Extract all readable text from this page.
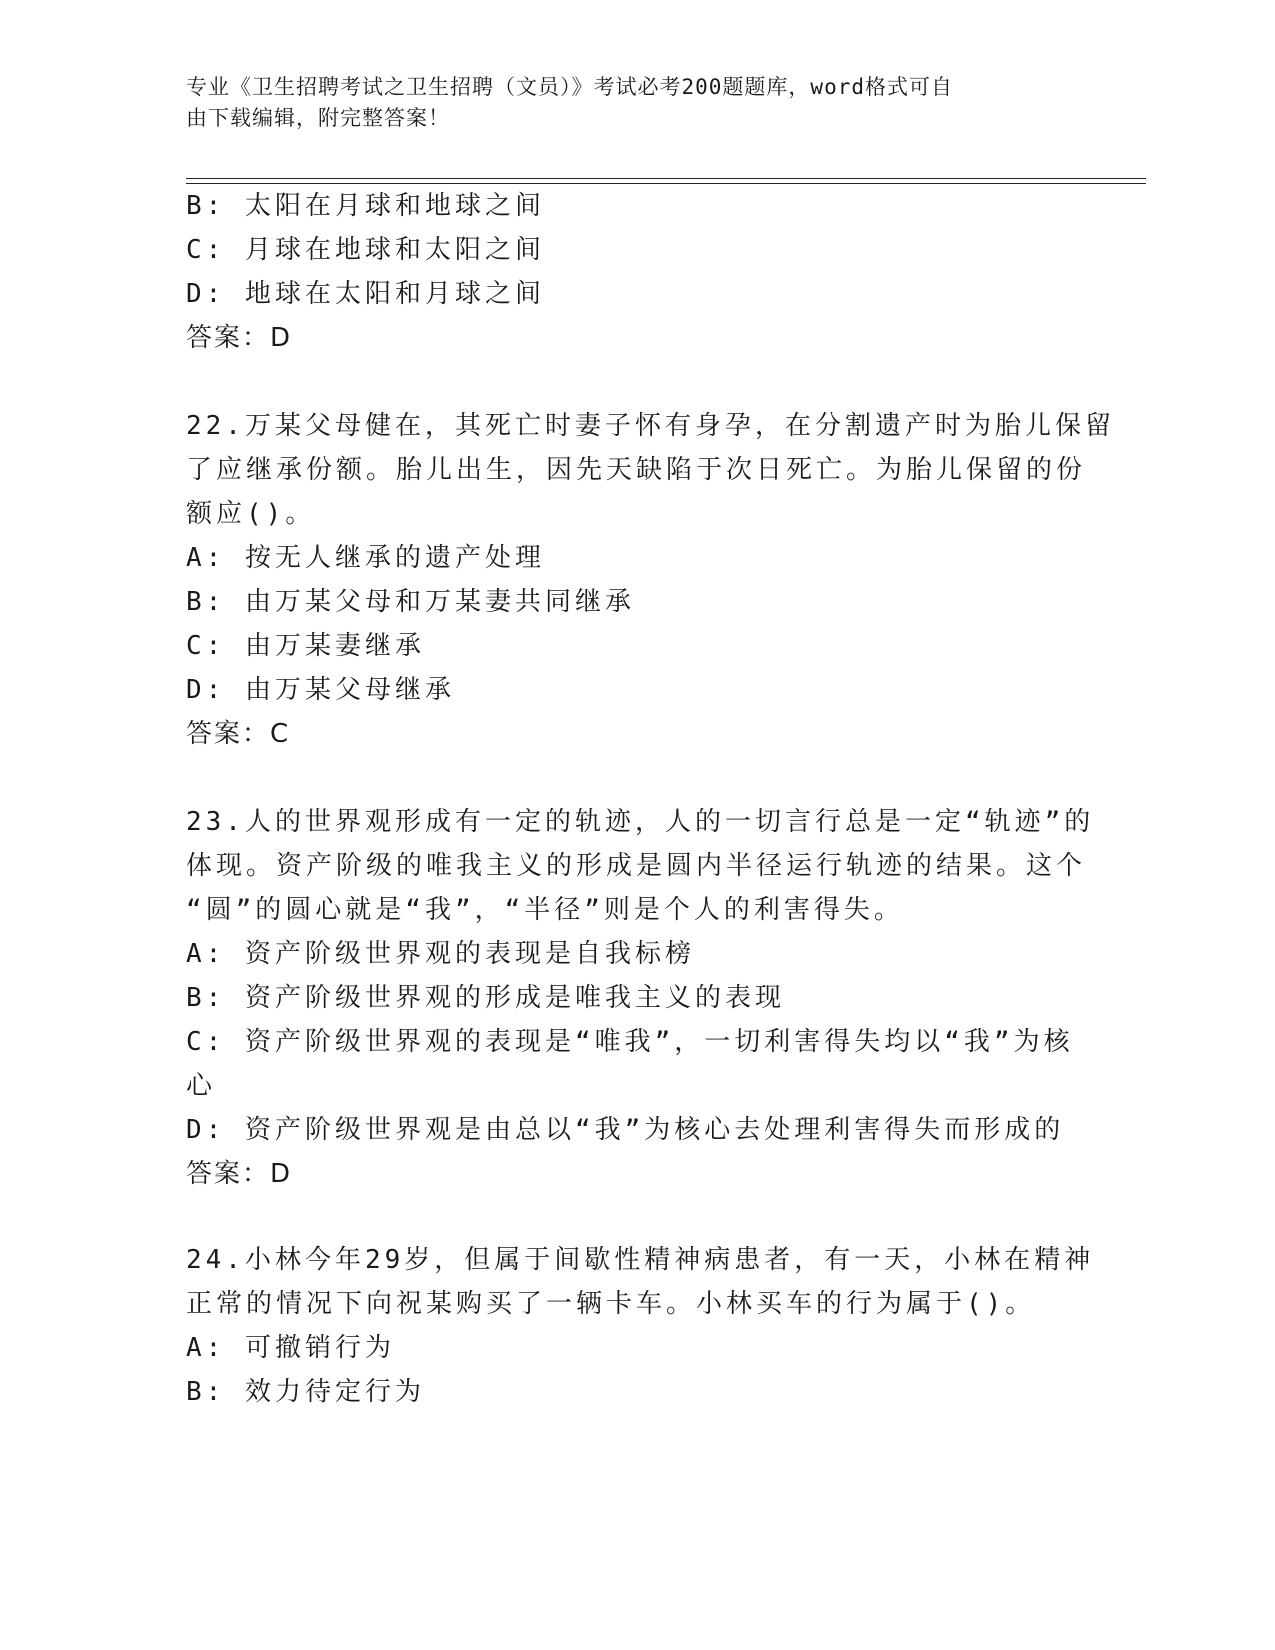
专业《卫生招聘考试之卫生招聘（文员）》考试必考200题题库，word格式可自
由下载编辑，附完整答案！
B: 太阳在月球和地球之间
C: 月球在地球和太阳之间
D: 地球在太阳和月球之间
答案：D
22.万某父母健在，其死亡时妻子怀有身孕，在分割遗产时为胎儿保留
了应继承份额。胎儿出生，因先天缺陷于次日死亡。为胎儿保留的份
额应()。
A: 按无人继承的遗产处理
B: 由万某父母和万某妻共同继承
C: 由万某妻继承
D: 由万某父母继承
答案：C
23.人的世界观形成有一定的轨迹，人的一切言行总是一定“轨迹”的
体现。资产阶级的唯我主义的形成是圆内半径运行轨迹的结果。这个
“圆”的圆心就是“我”，“半径”则是个人的利害得失。
A: 资产阶级世界观的表现是自我标榜
B: 资产阶级世界观的形成是唯我主义的表现
C: 资产阶级世界观的表现是“唯我”，一切利害得失均以“我”为核
心
D: 资产阶级世界观是由总以“我”为核心去处理利害得失而形成的
答案：D
24.小林今年29岁，但属于间歇性精神病患者，有一天，小林在精神
正常的情况下向祝某购买了一辆卡车。小林买车的行为属于()。
A: 可撤销行为
B: 效力待定行为
